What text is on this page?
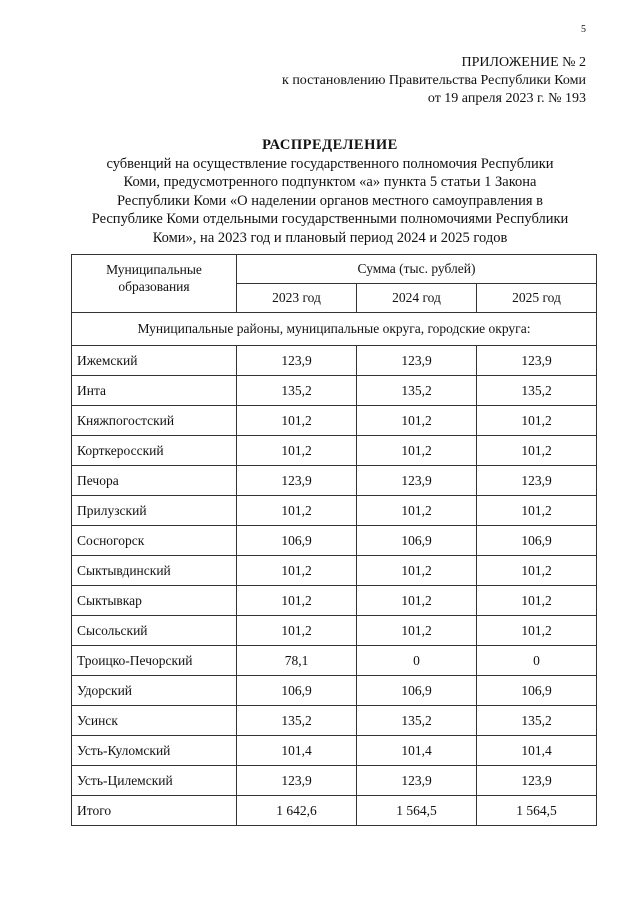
5
ПРИЛОЖЕНИЕ № 2
к постановлению Правительства Республики Коми
от 19 апреля 2023 г. № 193
РАСПРЕДЕЛЕНИЕ
субвенций на осуществление государственного полномочия Республики
Коми, предусмотренного подпунктом «а» пункта 5 статьи 1 Закона
Республики Коми «О наделении органов местного самоуправления в
Республике Коми отдельными государственными полномочиями Республики
Коми», на 2023 год и плановый период 2024 и 2025 годов
Муниципальные образования	Сумма (тыс. рублей)		
	2023 год	2024 год	2025 год
Муниципальные районы, муниципальные округа, городские округа:			
Ижемский	123,9	123,9	123,9
Инта	135,2	135,2	135,2
Княжпогостский	101,2	101,2	101,2
Корткеросский	101,2	101,2	101,2
Печора	123,9	123,9	123,9
Прилузский	101,2	101,2	101,2
Сосногорск	106,9	106,9	106,9
Сыктывдинский	101,2	101,2	101,2
Сыктывкар	101,2	101,2	101,2
Сысольский	101,2	101,2	101,2
Троицко-Печорский	78,1	0	0
Удорский	106,9	106,9	106,9
Усинск	135,2	135,2	135,2
Усть-Куломский	101,4	101,4	101,4
Усть-Цилемский	123,9	123,9	123,9
Итого	1 642,6	1 564,5	1 564,5
